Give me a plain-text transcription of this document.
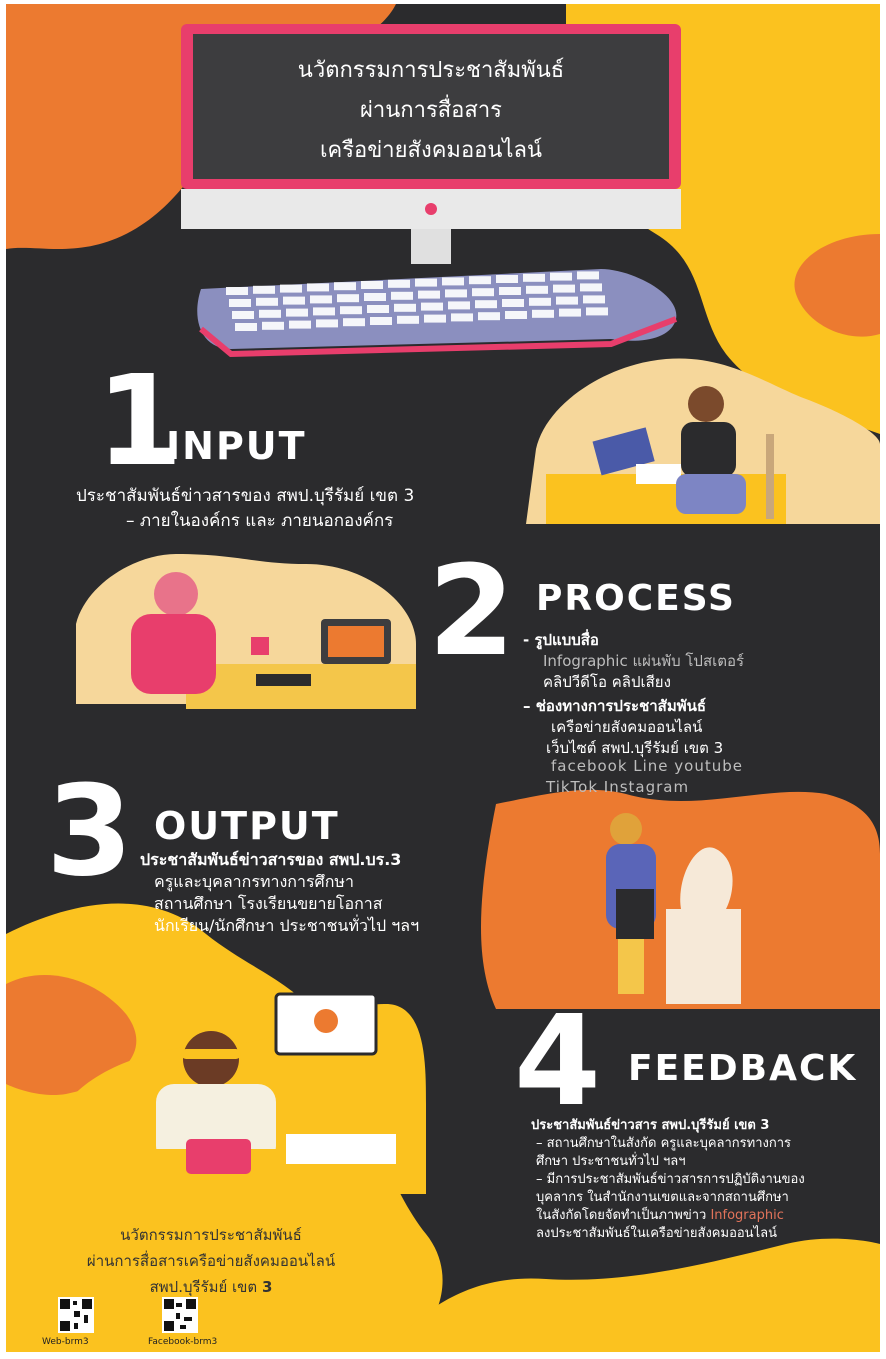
นวัตกรรมการประชาสัมพันธ์
ผ่านการสื่อสาร
เครือข่ายสังคมออนไลน์
1
INPUT
ประชาสัมพันธ์ข่าวสารของ สพป.บุรีรัมย์ เขต 3
– ภายในองค์กร และ ภายนอกองค์กร
2 PROCESS
- รูปแบบสื่อ
Infographic แผ่นพับ โปสเตอร์
คลิปวีดีโอ คลิปเสียง
– ช่องทางการประชาสัมพันธ์
เครือข่ายสังคมออนไลน์
เว็บไซต์ สพป.บุรีรัมย์ เขต 3
facebook Line youtube
TikTok Instagram
3 OUTPUT
ประชาสัมพันธ์ข่าวสารของ สพป.บร.3
ครูและบุคลากรทางการศึกษา
สถานศึกษา โรงเรียนขยายโอกาส
นักเรียน/นักศึกษา ประชาชนทั่วไป ฯลฯ
4 FEEDBACK
ประชาสัมพันธ์ข่าวสาร สพป.บุรีรัมย์ เขต 3
– สถานศึกษาในสังกัด ครูและบุคลากรทางการ
ศึกษา ประชาชนทั่วไป ฯลฯ
– มีการประชาสัมพันธ์ข่าวสารการปฏิบัติงานของ
บุคลากร ในสำนักงานเขตและจากสถานศึกษา
ในสังกัดโดยจัดทำเป็นภาพข่าว Infographic
ลงประชาสัมพันธ์ในเครือข่ายสังคมออนไลน์
นวัตกรรมการประชาสัมพันธ์
ผ่านการสื่อสารเครือข่ายสังคมออนไลน์
สพป.บุรีรัมย์ เขต 3
Web-brm3	Facebook-brm3
